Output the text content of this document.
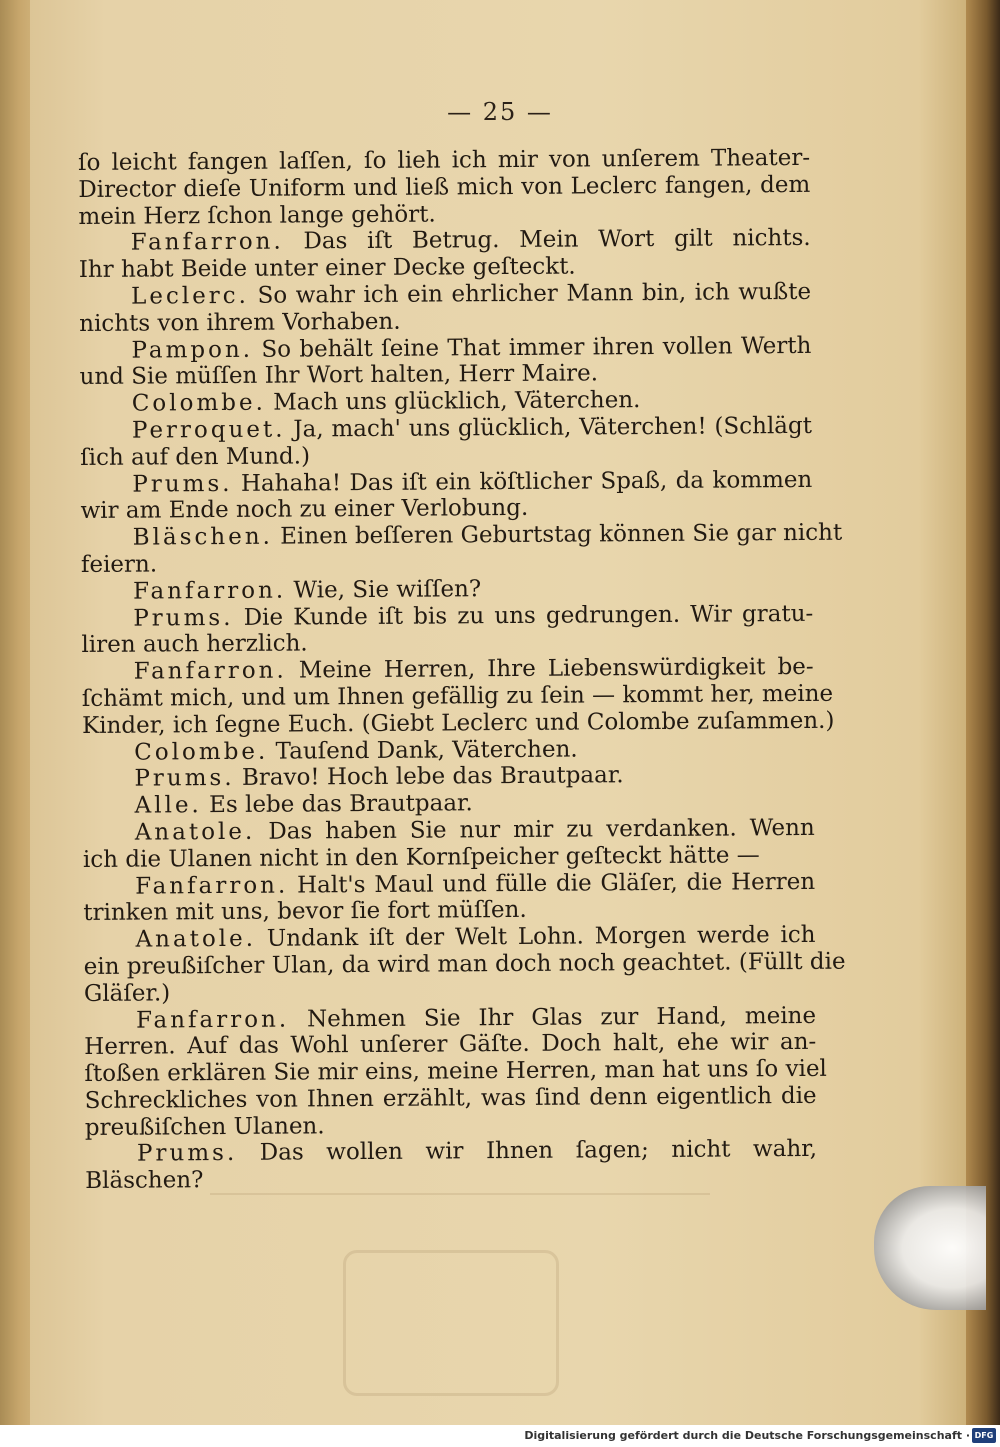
— 25 —
ſo leicht fangen laſſen, ſo lieh ich mir von unſerem Theater-
Director dieſe Uniform und ließ mich von Leclerc fangen, dem
mein Herz ſchon lange gehört.
Fanfarron. Das iſt Betrug. Mein Wort gilt nichts.
Ihr habt Beide unter einer Decke geſteckt.
Leclerc. So wahr ich ein ehrlicher Mann bin, ich wußte
nichts von ihrem Vorhaben.
Pampon. So behält ſeine That immer ihren vollen Werth
und Sie müſſen Ihr Wort halten, Herr Maire.
Colombe. Mach uns glücklich, Väterchen.
Perroquet. Ja, mach' uns glücklich, Väterchen! (Schlägt
ſich auf den Mund.)
Prums. Hahaha! Das iſt ein köſtlicher Spaß, da kommen
wir am Ende noch zu einer Verlobung.
Bläschen. Einen beſſeren Geburtstag können Sie gar nicht
feiern.
Fanfarron. Wie, Sie wiſſen?
Prums. Die Kunde iſt bis zu uns gedrungen. Wir gratu-
liren auch herzlich.
Fanfarron. Meine Herren, Ihre Liebenswürdigkeit be-
ſchämt mich, und um Ihnen gefällig zu ſein — kommt her, meine
Kinder, ich ſegne Euch. (Giebt Leclerc und Colombe zuſammen.)
Colombe. Tauſend Dank, Väterchen.
Prums. Bravo! Hoch lebe das Brautpaar.
Alle. Es lebe das Brautpaar.
Anatole. Das haben Sie nur mir zu verdanken. Wenn
ich die Ulanen nicht in den Kornſpeicher geſteckt hätte —
Fanfarron. Halt's Maul und fülle die Gläſer, die Herren
trinken mit uns, bevor ſie fort müſſen.
Anatole. Undank iſt der Welt Lohn. Morgen werde ich
ein preußiſcher Ulan, da wird man doch noch geachtet. (Füllt die
Gläſer.)
Fanfarron. Nehmen Sie Ihr Glas zur Hand, meine
Herren. Auf das Wohl unſerer Gäſte. Doch halt, ehe wir an-
ſtoßen erklären Sie mir eins, meine Herren, man hat uns ſo viel
Schreckliches von Ihnen erzählt, was ſind denn eigentlich die
preußiſchen Ulanen.
Prums. Das wollen wir Ihnen ſagen; nicht wahr,
Bläschen?
Digitalisierung gefördert durch die Deutsche Forschungsgemeinschaft · DFG
